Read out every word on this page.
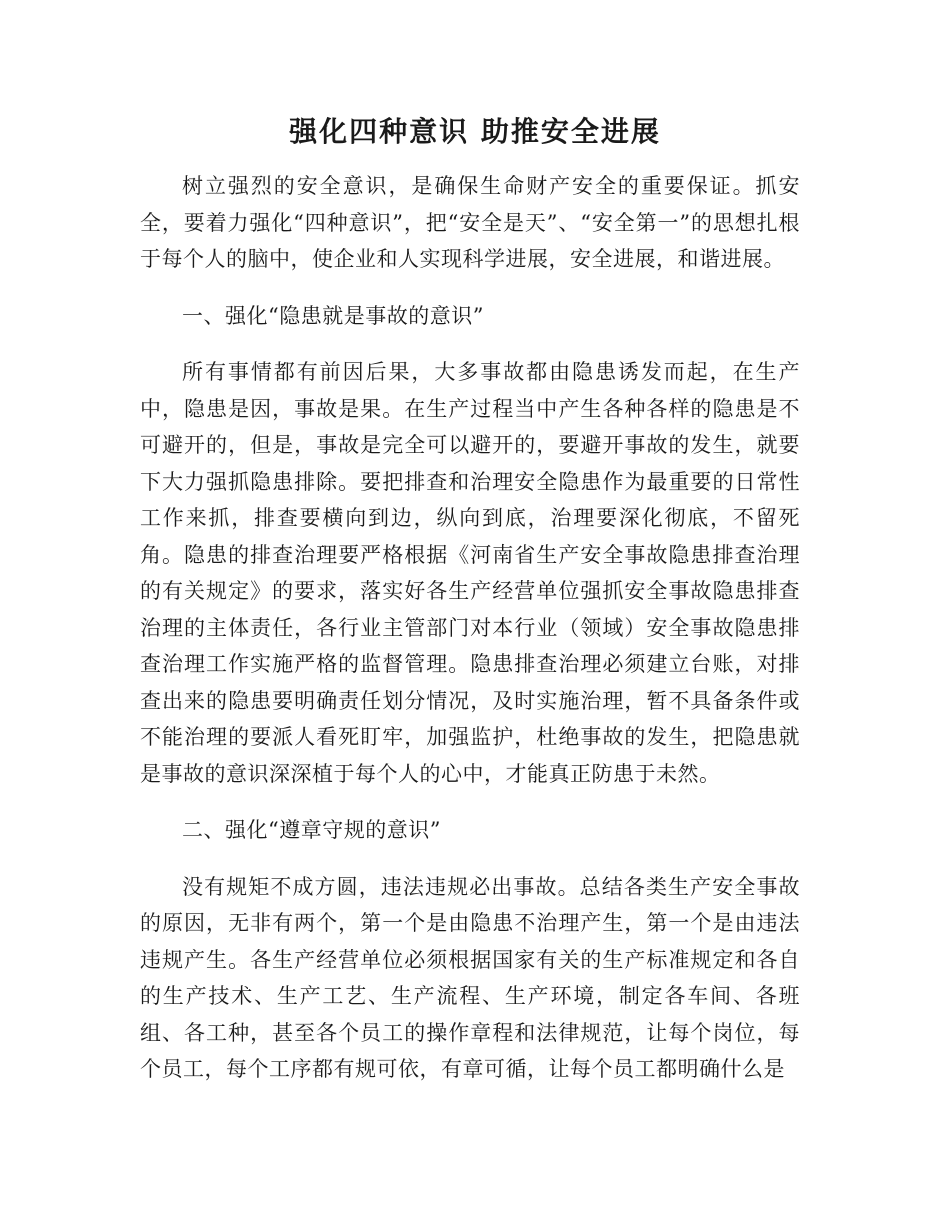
强化四种意识 助推安全进展

树立强烈的安全意识，是确保生命财产安全的重要保证。抓安全，要着力强化“四种意识”，把“安全是天”、“安全第一”的思想扎根于每个人的脑中，使企业和人实现科学进展，安全进展，和谐进展。

一、强化“隐患就是事故的意识”

所有事情都有前因后果，大多事故都由隐患诱发而起，在生产中，隐患是因，事故是果。在生产过程当中产生各种各样的隐患是不可避开的，但是，事故是完全可以避开的，要避开事故的发生，就要下大力强抓隐患排除。要把排查和治理安全隐患作为最重要的日常性工作来抓，排查要横向到边，纵向到底，治理要深化彻底，不留死角。隐患的排查治理要严格根据《河南省生产安全事故隐患排查治理的有关规定》的要求，落实好各生产经营单位强抓安全事故隐患排查治理的主体责任，各行业主管部门对本行业（领域）安全事故隐患排查治理工作实施严格的监督管理。隐患排查治理必须建立台账，对排查出来的隐患要明确责任划分情况，及时实施治理，暂不具备条件或不能治理的要派人看死盯牢，加强监护，杜绝事故的发生，把隐患就是事故的意识深深植于每个人的心中，才能真正防患于未然。

二、强化“遵章守规的意识”

没有规矩不成方圆，违法违规必出事故。总结各类生产安全事故的原因，无非有两个，第一个是由隐患不治理产生，第一个是由违法违规产生。各生产经营单位必须根据国家有关的生产标准规定和各自的生产技术、生产工艺、生产流程、生产环境，制定各车间、各班组、各工种，甚至各个员工的操作章程和法律规范，让每个岗位，每个员工，每个工序都有规可依，有章可循，让每个员工都明确什么是
